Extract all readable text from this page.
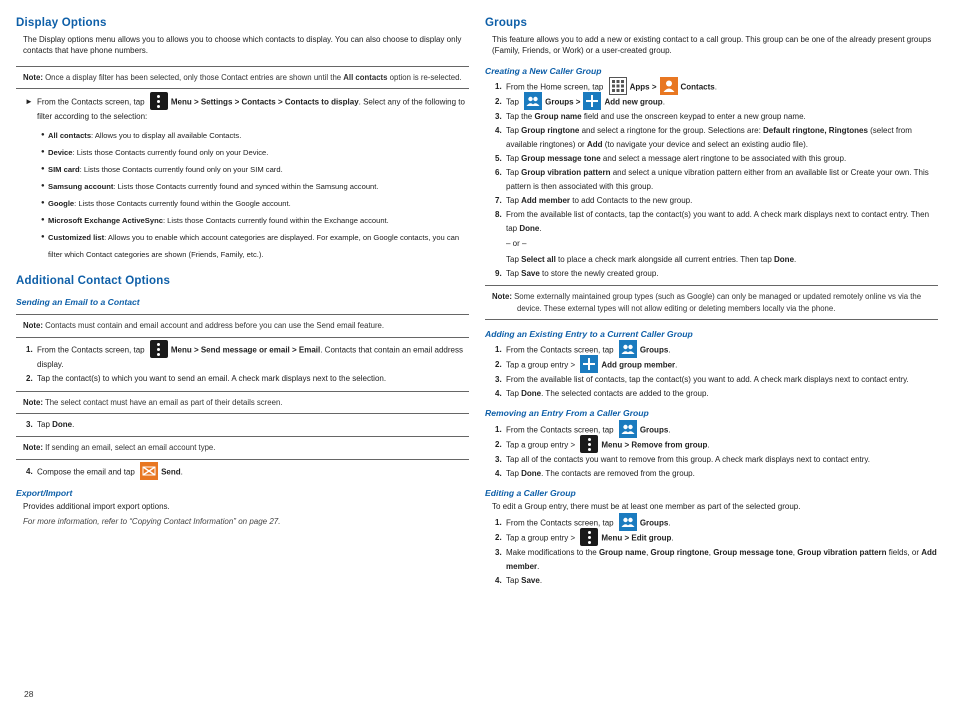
Display Options

The Display options menu allows you to allows you to choose which contacts to display. You can also choose to display only contacts that have phone numbers.

Note: Once a display filter has been selected, only those Contact entries are shown until the All contacts option is re-selected.
► From the Contacts screen, tap	Menu > Settings > Contacts > Contacts to display. Select any of the following to filter according to the selection:
● All contacts: Allows you to display all available Contacts.
● Device: Lists those Contacts currently found only on your Device.
● SIM card: Lists those Contacts currently found only on your SIM card.
● Samsung account: Lists those Contacts currently found and synced within the Samsung account.
● Google: Lists those Contacts currently found within the Google account.
● Microsoft Exchange ActiveSync: Lists those Contacts currently found within the Exchange account.
● Customized list: Allows you to enable which account categories are displayed. For example, on Google contacts, you can filter which Contact categories are shown (Friends, Family, etc.).
Additional Contact Options
Sending an Email to a Contact
Note: Contacts must contain and email account and address before you can use the Send email feature.
1. From the Contacts screen, tap	Menu > Send message or email > Email. Contacts that contain an email address display.
2. Tap the contact(s) to which you want to send an email. A check mark displays next to the selection.
Note: The select contact must have an email as part of their details screen.
3. Tap Done.
Note: If sending an email, select an email account type.
4. Compose the email and tap	Send.
Export/Import

Provides additional import export options.

For more information, refer to “Copying Contact Information” on page 27.

Groups

This feature allows you to add a new or existing contact to a call group. This group can be one of the already present groups (Family, Friends, or Work) or a user-created group.

Creating a New Caller Group
1. From the Home screen, tap	Apps >	Contacts.
2. Tap	Groups >	Add new group.
3. Tap the Group name field and use the onscreen keypad to enter a new group name.
4. Tap Group ringtone and select a ringtone for the group. Selections are: Default ringtone, Ringtones (select from available ringtones) or Add (to navigate your device and select an existing audio file).
5. Tap Group message tone and select a message alert ringtone to be associated with this group.
6. Tap Group vibration pattern and select a unique vibration pattern either from an available list or Create your own. This pattern is then associated with this group.
7. Tap Add member to add Contacts to the new group.
8. From the available list of contacts, tap the contact(s) you want to add. A check mark displays next to contact entry. Then tap Done.
– or –
Tap Select all to place a check mark alongside all current entries. Then tap Done.
9. Tap Save to store the newly created group.
Note: Some externally maintained group types (such as Google) can only be managed or updated remotely online vs via the device. These external types will not allow editing or deleting members locally via the phone.
Adding an Existing Entry to a Current Caller Group
1. From the Contacts screen, tap	Groups.
2. Tap a group entry >	Add group member.
3. From the available list of contacts, tap the contact(s) you want to add. A check mark displays next to contact entry.
4. Tap Done. The selected contacts are added to the group.
Removing an Entry From a Caller Group
1. From the Contacts screen, tap	Groups.
2. Tap a group entry >	Menu > Remove from group.
3. Tap all of the contacts you want to remove from this group. A check mark displays next to contact entry.
4. Tap Done. The contacts are removed from the group.
Editing a Caller Group

To edit a Group entry, there must be at least one member as part of the selected group.

1. From the Contacts screen, tap	Groups.
2. Tap a group entry >	Menu > Edit group.
3. Make modifications to the Group name, Group ringtone, Group message tone, Group vibration pattern fields, or Add member.
4. Tap Save.
28
